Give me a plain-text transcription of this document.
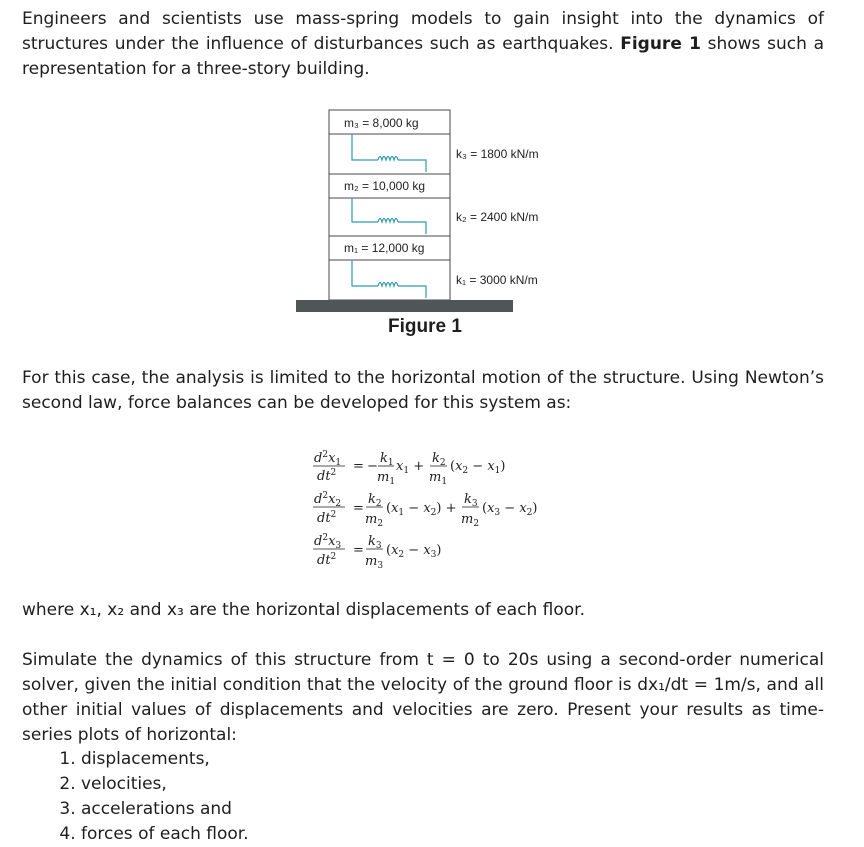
Engineers and scientists use mass-spring models to gain insight into the dynamics of structures under the influence of disturbances such as earthquakes. Figure 1 shows such a representation for a three-story building.

m₃ = 8,000 kg
m₂ = 10,000 kg
m₁ = 12,000 kg
k₃ = 1800 kN/m
k₂ = 2400 kN/m
k₁ = 3000 kN/m
Figure 1

For this case, the analysis is limited to the horizontal motion of the structure. Using Newton’s second law, force balances can be developed for this system as:

$d^2x_1$
$dt^2$ = −
$k_1$
$m_1$
$x_1$ +
$k_2$
$m_1$
$(x_2 - x_1)$
$d^2x_2$
$dt^2$ =
$k_2$
$m_2$
$(x_1 - x_2)$ +
$k_3$
$m_2$
$(x_3 - x_2)$
$d^2x_3$
$dt^2$ =
$k_3$
$m_3$
$(x_2 - x_3)$

where x₁, x₂ and x₃ are the horizontal displacements of each floor.

Simulate the dynamics of this structure from t = 0 to 20s using a second-order numerical solver, given the initial condition that the velocity of the ground floor is dx₁/dt = 1m/s, and all other initial values of displacements and velocities are zero. Present your results as time-series plots of horizontal:

1. displacements,
2. velocities,
3. accelerations and
4. forces of each floor.
